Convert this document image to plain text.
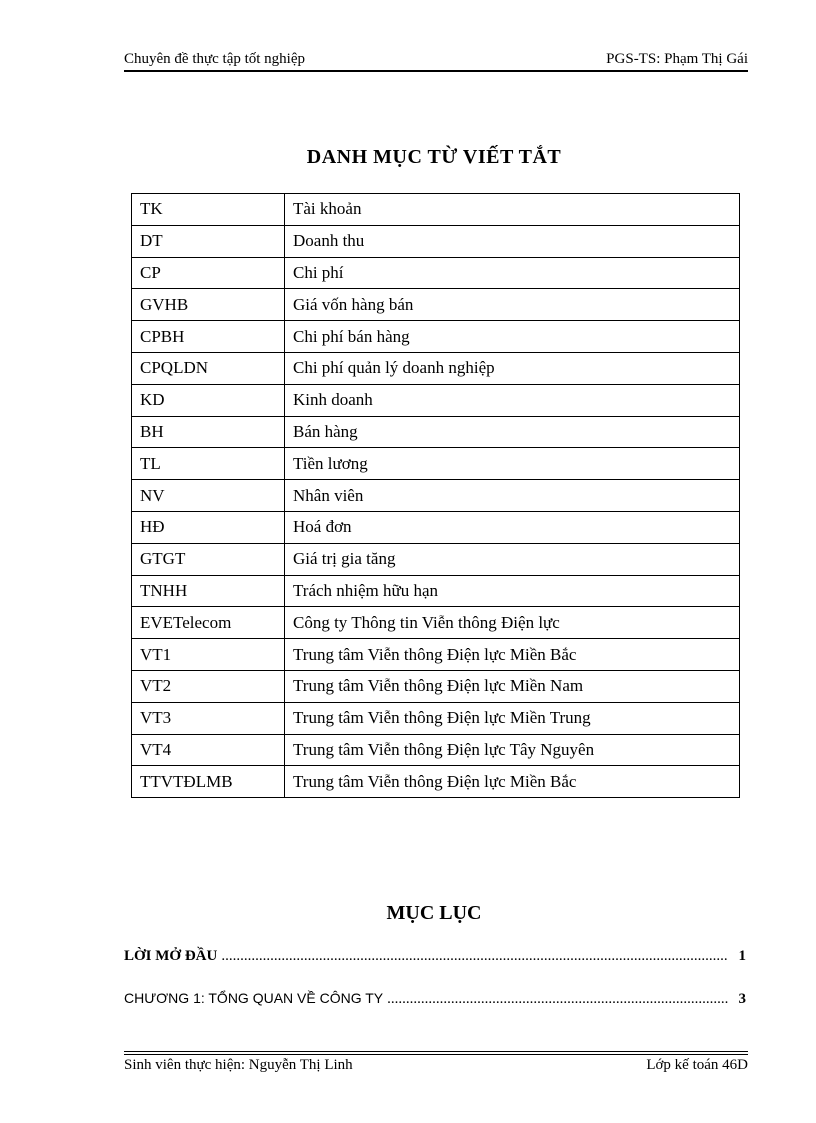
Chuyên đề thực tập tốt nghiệp	PGS-TS: Phạm Thị Gái
DANH MỤC TỪ VIẾT TẮT
TK	Tài khoản
DT	Doanh thu
CP	Chi phí
GVHB	Giá vốn hàng bán
CPBH	Chi phí bán hàng
CPQLDN	Chi phí quản lý doanh nghiệp
KD	Kinh doanh
BH	Bán hàng
TL	Tiền lương
NV	Nhân viên
HĐ	Hoá đơn
GTGT	Giá trị gia tăng
TNHH	Trách nhiệm hữu hạn
EVETelecom	Công ty Thông tin Viễn thông Điện lực
VT1	Trung tâm Viễn thông Điện lực Miền Bắc
VT2	Trung tâm Viễn thông Điện lực Miền Nam
VT3	Trung tâm Viễn thông Điện lực Miền Trung
VT4	Trung tâm Viễn thông Điện lực Tây Nguyên
TTVTĐLMB	Trung tâm Viễn thông Điện lực Miền Bắc
MỤC LỤC
LỜI MỞ ĐẦU .....	1
CHƯƠNG 1: TỔNG QUAN VỀ CÔNG TY .....	3
Sinh viên thực hiện: Nguyễn Thị Linh	Lớp kế toán 46D
